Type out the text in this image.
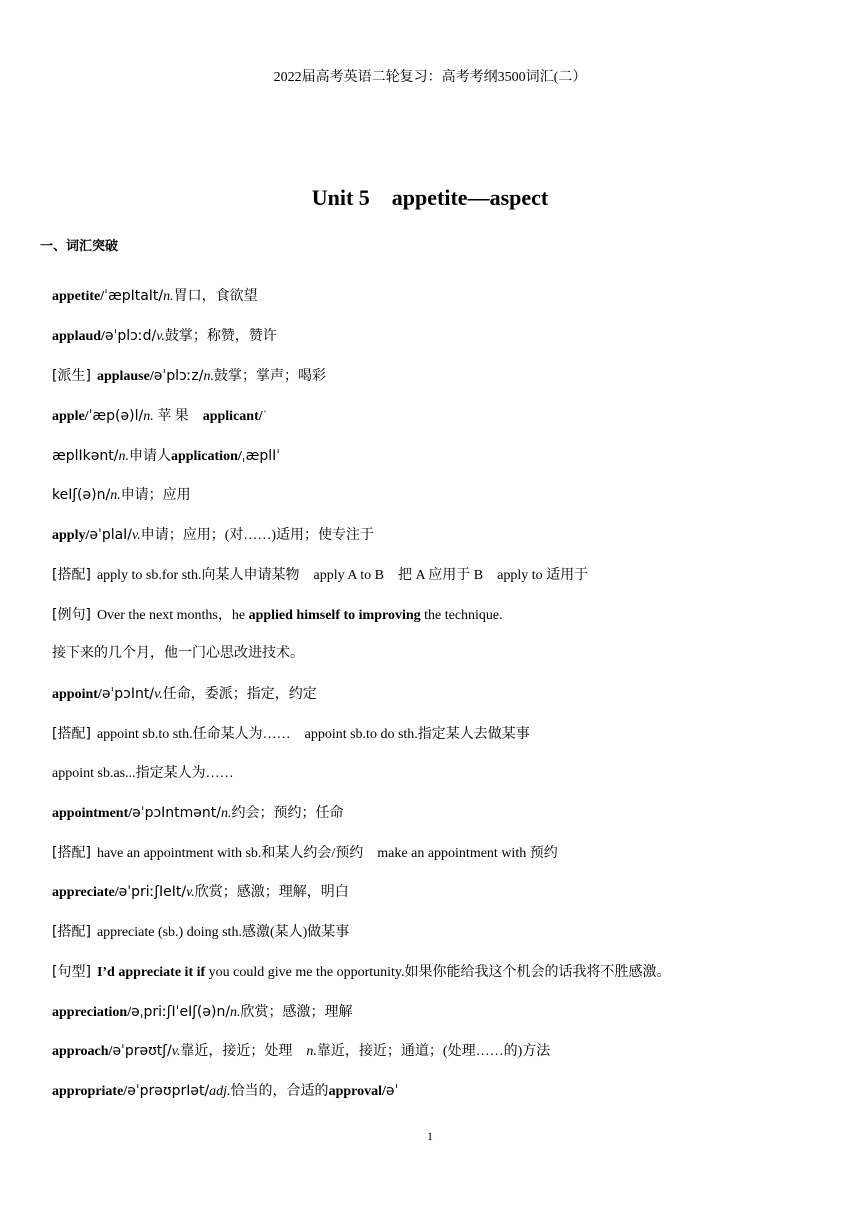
2022届高考英语二轮复习：高考考纲3500词汇(二）
Unit 5　appetite—aspect
一、词汇突破
appetite/ˈæpItaIt/n.胃口，食欲望
applaud/əˈplɔːd/v.鼓掌；称赞，赞许
[派生] applause/əˈplɔːz/n.鼓掌；掌声；喝彩
apple/ˈæp(ə)l/n. 苹 果 applicant/ˈ
æplIkənt/n.申请人application/ˌæplIˈ
keIʃ(ə)n/n.申请；应用
apply/əˈplaI/v.申请；应用；(对……)适用；使专注于
[搭配] apply to sb.for sth.向某人申请某物 apply A to B　把 A 应用于 B apply to 适用于
[例句] Over the next months，he applied himself to improving the technique.
接下来的几个月，他一门心思改进技术。
appoint/əˈpɔInt/v.任命，委派；指定，约定
[搭配] appoint sb.to sth.任命某人为…… appoint sb.to do sth.指定某人去做某事
appoint sb.as...指定某人为……
appointment/əˈpɔIntmənt/n.约会；预约；任命
[搭配] have an appointment with sb.和某人约会/预约 make an appointment with 预约
appreciate/əˈpriːʃIeIt/v.欣赏；感激；理解，明白
[搭配] appreciate (sb.) doing sth.感激(某人)做某事
[句型] I’d appreciate it if you could give me the opportunity.如果你能给我这个机会的话我将不胜感激。
appreciation/əˌpriːʃIˈeIʃ(ə)n/n.欣赏；感激；理解
approach/əˈprəʊtʃ/v.靠近，接近；处理 n.靠近，接近；通道；(处理……的)方法
appropriate/əˈprəʊprIət/adj.恰当的，合适的approval/əˈ
1
